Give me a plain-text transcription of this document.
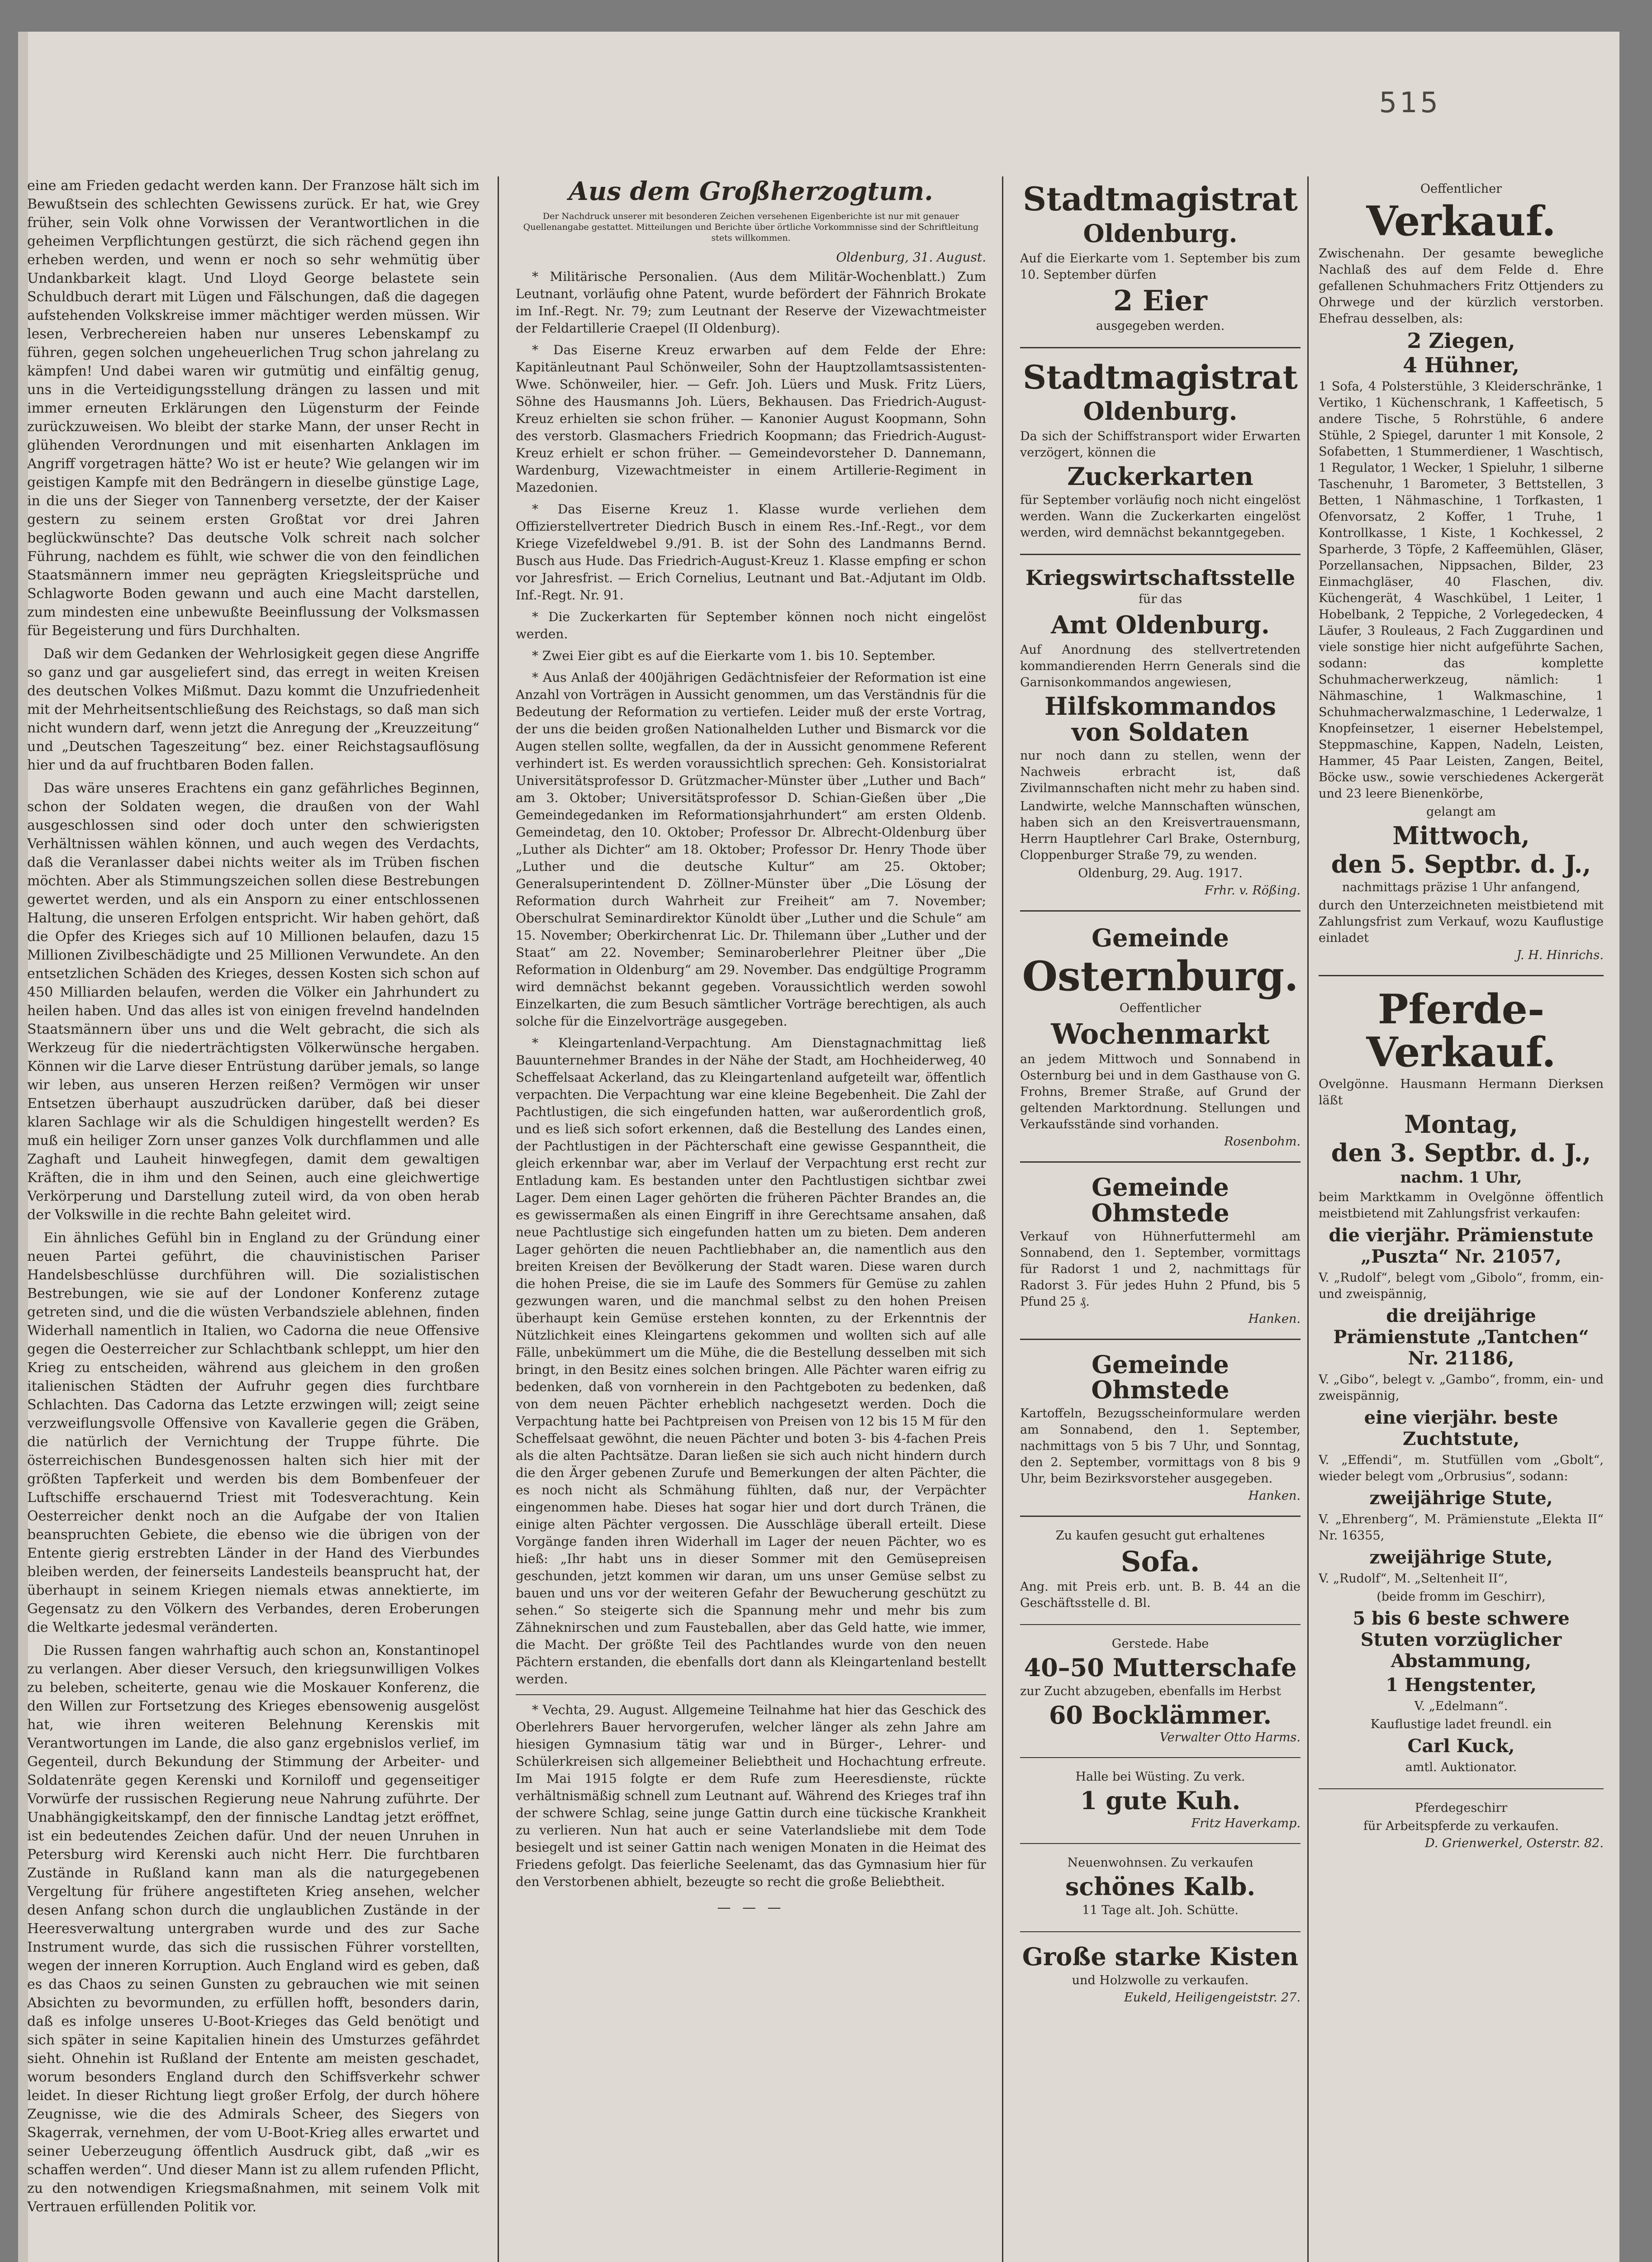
515

eine am Frieden gedacht werden kann. Der Franzose hält sich im Bewußtsein des schlechten Gewissens zurück. Er hat, wie Grey früher, sein Volk ohne Vorwissen der Verantwortlichen in die geheimen Verpflichtungen gestürzt, die sich rächend gegen ihn erheben werden, und wenn er noch so sehr wehmütig über Undankbarkeit klagt. Und Lloyd George belastete sein Schuldbuch derart mit Lügen und Fälschungen, daß die dagegen aufstehenden Volkskreise immer mächtiger werden müssen. Wir lesen, Verbrechereien haben nur unseres Lebenskampf zu führen, gegen solchen ungeheuerlichen Trug schon jahrelang zu kämpfen! Und dabei waren wir gutmütig und einfältig genug, uns in die Verteidigungsstellung drängen zu lassen und mit immer erneuten Erklärungen den Lügensturm der Feinde zurückzuweisen. Wo bleibt der starke Mann, der unser Recht in glühenden Verordnungen und mit eisenharten Anklagen im Angriff vorgetragen hätte? Wo ist er heute? Wie gelangen wir im geistigen Kampfe mit den Bedrängern in dieselbe günstige Lage, in die uns der Sieger von Tannenberg versetzte, der der Kaiser gestern zu seinem ersten Großtat vor drei Jahren beglückwünschte? Das deutsche Volk schreit nach solcher Führung, nachdem es fühlt, wie schwer die von den feindlichen Staatsmännern immer neu geprägten Kriegsleitsprüche und Schlagworte Boden gewann und auch eine Macht darstellen, zum mindesten eine unbewußte Beeinflussung der Volksmassen für Begeisterung und fürs Durchhalten.

Daß wir dem Gedanken der Wehrlosigkeit gegen diese Angriffe so ganz und gar ausgeliefert sind, das erregt in weiten Kreisen des deutschen Volkes Mißmut. Dazu kommt die Unzufriedenheit mit der Mehrheitsentschließung des Reichstags, so daß man sich nicht wundern darf, wenn jetzt die Anregung der „Kreuzzeitung“ und „Deutschen Tageszeitung“ bez. einer Reichstagsauflösung hier und da auf fruchtbaren Boden fallen.

Das wäre unseres Erachtens ein ganz gefährliches Beginnen, schon der Soldaten wegen, die draußen von der Wahl ausgeschlossen sind oder doch unter den schwierigsten Verhältnissen wählen können, und auch wegen des Verdachts, daß die Veranlasser dabei nichts weiter als im Trüben fischen möchten. Aber als Stimmungszeichen sollen diese Bestrebungen gewertet werden, und als ein Ansporn zu einer entschlossenen Haltung, die unseren Erfolgen entspricht. Wir haben gehört, daß die Opfer des Krieges sich auf 10 Millionen belaufen, dazu 15 Millionen Zivilbeschädigte und 25 Millionen Verwundete. An den entsetzlichen Schäden des Krieges, dessen Kosten sich schon auf 450 Milliarden belaufen, werden die Völker ein Jahrhundert zu heilen haben. Und das alles ist von einigen frevelnd handelnden Staatsmännern über uns und die Welt gebracht, die sich als Werkzeug für die niederträchtigsten Völkerwünsche hergaben. Können wir die Larve dieser Entrüstung darüber jemals, so lange wir leben, aus unseren Herzen reißen? Vermögen wir unser Entsetzen überhaupt auszudrücken darüber, daß bei dieser klaren Sachlage wir als die Schuldigen hingestellt werden? Es muß ein heiliger Zorn unser ganzes Volk durchflammen und alle Zaghaft und Lauheit hinwegfegen, damit dem gewaltigen Kräften, die in ihm und den Seinen, auch eine gleichwertige Verkörperung und Darstellung zuteil wird, da von oben herab der Volkswille in die rechte Bahn geleitet wird.

Ein ähnliches Gefühl bin in England zu der Gründung einer neuen Partei geführt, die chauvinistischen Pariser Handelsbeschlüsse durchführen will. Die sozialistischen Bestrebungen, wie sie auf der Londoner Konferenz zutage getreten sind, und die die wüsten Verbandsziele ablehnen, finden Widerhall namentlich in Italien, wo Cadorna die neue Offensive gegen die Oesterreicher zur Schlachtbank schleppt, um hier den Krieg zu entscheiden, während aus gleichem in den großen italienischen Städten der Aufruhr gegen dies furchtbare Schlachten. Das Cadorna das Letzte erzwingen will; zeigt seine verzweiflungsvolle Offensive von Kavallerie gegen die Gräben, die natürlich der Vernichtung der Truppe führte. Die österreichischen Bundesgenossen halten sich hier mit der größten Tapferkeit und werden bis dem Bombenfeuer der Luftschiffe erschauernd Triest mit Todesverachtung. Kein Oesterreicher denkt noch an die Aufgabe der von Italien beanspruchten Gebiete, die ebenso wie die übrigen von der Entente gierig erstrebten Länder in der Hand des Vierbundes bleiben werden, der feinerseits Landesteils beansprucht hat, der überhaupt in seinem Kriegen niemals etwas annektierte, im Gegensatz zu den Völkern des Verbandes, deren Eroberungen die Weltkarte jedesmal veränderten.

Die Russen fangen wahrhaftig auch schon an, Konstantinopel zu verlangen. Aber dieser Versuch, den kriegsunwilligen Volkes zu beleben, scheiterte, genau wie die Moskauer Konferenz, die den Willen zur Fortsetzung des Krieges ebensowenig ausgelöst hat, wie ihren weiteren Belehnung Kerenskis mit Verantwortungen im Lande, die also ganz ergebnislos verlief, im Gegenteil, durch Bekundung der Stimmung der Arbeiter- und Soldatenräte gegen Kerenski und Korniloff und gegenseitiger Vorwürfe der russischen Regierung neue Nahrung zuführte. Der Unabhängigkeitskampf, den der finnische Landtag jetzt eröffnet, ist ein bedeutendes Zeichen dafür. Und der neuen Unruhen in Petersburg wird Kerenski auch nicht Herr. Die furchtbaren Zustände in Rußland kann man als die naturgegebenen Vergeltung für frühere angestifteten Krieg ansehen, welcher desen Anfang schon durch die unglaublichen Zustände in der Heeresverwaltung untergraben wurde und des zur Sache Instrument wurde, das sich die russischen Führer vorstellten, wegen der inneren Korruption. Auch England wird es geben, daß es das Chaos zu seinen Gunsten zu gebrauchen wie mit seinen Absichten zu bevormunden, zu erfüllen hofft, besonders darin, daß es infolge unseres U-Boot-Krieges das Geld benötigt und sich später in seine Kapitalien hinein des Umsturzes gefährdet sieht. Ohnehin ist Rußland der Entente am meisten geschadet, worum besonders England durch den Schiffsverkehr schwer leidet. In dieser Richtung liegt großer Erfolg, der durch höhere Zeugnisse, wie die des Admirals Scheer, des Siegers von Skagerrak, vernehmen, der vom U-Boot-Krieg alles erwartet und seiner Ueberzeugung öffentlich Ausdruck gibt, daß „wir es schaffen werden“. Und dieser Mann ist zu allem rufenden Pflicht, zu den notwendigen Kriegsmaßnahmen, mit seinem Volk mit Vertrauen erfüllenden Politik vor.

Aus dem Großherzogtum.
Der Nachdruck unserer mit besonderen Zeichen versehenen Eigenberichte ist nur mit genauer Quellenangabe gestattet. Mitteilungen und Berichte über örtliche Vorkommnisse sind der Schriftleitung stets willkommen.
Oldenburg, 31. August.

* Militärische Personalien. (Aus dem Militär-Wochenblatt.) Zum Leutnant, vorläufig ohne Patent, wurde befördert der Fähnrich Brokate im Inf.-Regt. Nr. 79; zum Leutnant der Reserve der Vizewachtmeister der Feldartillerie Craepel (II Oldenburg).

* Das Eiserne Kreuz erwarben auf dem Felde der Ehre: Kapitänleutnant Paul Schönweiler, Sohn der Hauptzollamtsassistenten-Wwe. Schönweiler, hier. — Gefr. Joh. Lüers und Musk. Fritz Lüers, Söhne des Hausmanns Joh. Lüers, Bekhausen. Das Friedrich-August-Kreuz erhielten sie schon früher. — Kanonier August Koopmann, Sohn des verstorb. Glasmachers Friedrich Koopmann; das Friedrich-August-Kreuz erhielt er schon früher. — Gemeindevorsteher D. Dannemann, Wardenburg, Vizewachtmeister in einem Artillerie-Regiment in Mazedonien.

* Das Eiserne Kreuz 1. Klasse wurde verliehen dem Offizierstellvertreter Diedrich Busch in einem Res.-Inf.-Regt., vor dem Kriege Vizefeldwebel 9./91. B. ist der Sohn des Landmanns Bernd. Busch aus Hude. Das Friedrich-August-Kreuz 1. Klasse empfing er schon vor Jahresfrist. — Erich Cornelius, Leutnant und Bat.-Adjutant im Oldb. Inf.-Regt. Nr. 91.

* Die Zuckerkarten für September können noch nicht eingelöst werden.

* Zwei Eier gibt es auf die Eierkarte vom 1. bis 10. September.

* Aus Anlaß der 400jährigen Gedächtnisfeier der Reformation ist eine Anzahl von Vorträgen in Aussicht genommen, um das Verständnis für die Bedeutung der Reformation zu vertiefen. Leider muß der erste Vortrag, der uns die beiden großen Nationalhelden Luther und Bismarck vor die Augen stellen sollte, wegfallen, da der in Aussicht genommene Referent verhindert ist. Es werden voraussichtlich sprechen: Geh. Konsistorialrat Universitätsprofessor D. Grützmacher-Münster über „Luther und Bach“ am 3. Oktober; Universitätsprofessor D. Schian-Gießen über „Die Gemeindegedanken im Reformationsjahrhundert“ am ersten Oldenb. Gemeindetag, den 10. Oktober; Professor Dr. Albrecht-Oldenburg über „Luther als Dichter“ am 18. Oktober; Professor Dr. Henry Thode über „Luther und die deutsche Kultur“ am 25. Oktober; Generalsuperintendent D. Zöllner-Münster über „Die Lösung der Reformation durch Wahrheit zur Freiheit“ am 7. November; Oberschulrat Seminardirektor Künoldt über „Luther und die Schule“ am 15. November; Oberkirchenrat Lic. Dr. Thilemann über „Luther und der Staat“ am 22. November; Seminaroberlehrer Pleitner über „Die Reformation in Oldenburg“ am 29. November. Das endgültige Programm wird demnächst bekannt gegeben. Voraussichtlich werden sowohl Einzelkarten, die zum Besuch sämtlicher Vorträge berechtigen, als auch solche für die Einzelvorträge ausgegeben.

* Kleingartenland-Verpachtung. Am Dienstagnachmittag ließ Bauunternehmer Brandes in der Nähe der Stadt, am Hochheiderweg, 40 Scheffelsaat Ackerland, das zu Kleingartenland aufgeteilt war, öffentlich verpachten. Die Verpachtung war eine kleine Begebenheit. Die Zahl der Pachtlustigen, die sich eingefunden hatten, war außerordentlich groß, und es ließ sich sofort erkennen, daß die Bestellung des Landes einen, der Pachtlustigen in der Pächterschaft eine gewisse Gespanntheit, die gleich erkennbar war, aber im Verlauf der Verpachtung erst recht zur Entladung kam. Es bestanden unter den Pachtlustigen sichtbar zwei Lager. Dem einen Lager gehörten die früheren Pächter Brandes an, die es gewissermaßen als einen Eingriff in ihre Gerechtsame ansahen, daß neue Pachtlustige sich eingefunden hatten um zu bieten. Dem anderen Lager gehörten die neuen Pachtliebhaber an, die namentlich aus den breiten Kreisen der Bevölkerung der Stadt waren. Diese waren durch die hohen Preise, die sie im Laufe des Sommers für Gemüse zu zahlen gezwungen waren, und die manchmal selbst zu den hohen Preisen überhaupt kein Gemüse erstehen konnten, zu der Erkenntnis der Nützlichkeit eines Kleingartens gekommen und wollten sich auf alle Fälle, unbekümmert um die Mühe, die die Bestellung desselben mit sich bringt, in den Besitz eines solchen bringen. Alle Pächter waren eifrig zu bedenken, daß von vornherein in den Pachtgeboten zu bedenken, daß von dem neuen Pächter erheblich nachgesetzt werden. Doch die Verpachtung hatte bei Pachtpreisen von Preisen von 12 bis 15 M für den Scheffelsaat gewöhnt, die neuen Pächter und boten 3- bis 4-fachen Preis als die alten Pachtsätze. Daran ließen sie sich auch nicht hindern durch die den Ärger gebenen Zurufe und Bemerkungen der alten Pächter, die es noch nicht als Schmähung fühlten, daß nur, der Verpächter eingenommen habe. Dieses hat sogar hier und dort durch Tränen, die einige alten Pächter vergossen. Die Ausschläge überall erteilt. Diese Vorgänge fanden ihren Widerhall im Lager der neuen Pächter, wo es hieß: „Ihr habt uns in dieser Sommer mit den Gemüsepreisen geschunden, jetzt kommen wir daran, um uns unser Gemüse selbst zu bauen und uns vor der weiteren Gefahr der Bewucherung geschützt zu sehen.“ So steigerte sich die Spannung mehr und mehr bis zum Zähneknirschen und zum Fausteballen, aber das Geld hatte, wie immer, die Macht. Der größte Teil des Pachtlandes wurde von den neuen Pächtern erstanden, die ebenfalls dort dann als Kleingartenland bestellt werden.

* Vechta, 29. August. Allgemeine Teilnahme hat hier das Geschick des Oberlehrers Bauer hervorgerufen, welcher länger als zehn Jahre am hiesigen Gymnasium tätig war und in Bürger-, Lehrer- und Schülerkreisen sich allgemeiner Beliebtheit und Hochachtung erfreute. Im Mai 1915 folgte er dem Rufe zum Heeresdienste, rückte verhältnismäßig schnell zum Leutnant auf. Während des Krieges traf ihn der schwere Schlag, seine junge Gattin durch eine tückische Krankheit zu verlieren. Nun hat auch er seine Vaterlandsliebe mit dem Tode besiegelt und ist seiner Gattin nach wenigen Monaten in die Heimat des Friedens gefolgt. Das feierliche Seelenamt, das das Gymnasium hier für den Verstorbenen abhielt, bezeugte so recht die große Beliebtheit.

— — —
Stadtmagistrat
Oldenburg.
Auf die Eierkarte vom 1. September bis zum 10. September dürfen
2 Eier
ausgegeben werden.
Stadtmagistrat
Oldenburg.
Da sich der Schiffstransport wider Erwarten verzögert, können die
Zuckerkarten
für September vorläufig noch nicht eingelöst werden. Wann die Zuckerkarten eingelöst werden, wird demnächst bekanntgegeben.
Kriegswirtschaftsstelle
für das
Amt Oldenburg.
Auf Anordnung des stellvertretenden kommandierenden Herrn Generals sind die Garnisonkommandos angewiesen,
Hilfskommandos von Soldaten
nur noch dann zu stellen, wenn der Nachweis erbracht ist, daß Zivilmannschaften nicht mehr zu haben sind.
Landwirte, welche Mannschaften wünschen, haben sich an den Kreisvertrauensmann, Herrn Hauptlehrer Carl Brake, Osternburg, Cloppenburger Straße 79, zu wenden.
Oldenburg, 29. Aug. 1917.
Frhr. v. Rößing.
Gemeinde
Osternburg.
Oeffentlicher
Wochenmarkt
an jedem Mittwoch und Sonnabend in Osternburg bei und in dem Gasthause von G. Frohns, Bremer Straße, auf Grund der geltenden Marktordnung. Stellungen und Verkaufsstände sind vorhanden.
Rosenbohm.
Gemeinde Ohmstede
Verkauf von Hühnerfuttermehl am Sonnabend, den 1. September, vormittags für Radorst 1 und 2, nachmittags für Radorst 3. Für jedes Huhn 2 Pfund, bis 5 Pfund 25 ₰.
Hanken.
Gemeinde Ohmstede
Kartoffeln, Bezugsscheinformulare werden am Sonnabend, den 1. September, nachmittags von 5 bis 7 Uhr, und Sonntag, den 2. September, vormittags von 8 bis 9 Uhr, beim Bezirksvorsteher ausgegeben.
Hanken.
Zu kaufen gesucht gut erhaltenes
Sofa.
Ang. mit Preis erb. unt. B. B. 44 an die Geschäftsstelle d. Bl.
Gerstede. Habe
40–50 Mutterschafe
zur Zucht abzugeben, ebenfalls im Herbst
60 Bocklämmer.
Verwalter Otto Harms.
Halle bei Wüsting. Zu verk.
1 gute Kuh.
Fritz Haverkamp.
Neuenwohnsen. Zu verkaufen
schönes Kalb.
11 Tage alt. Joh. Schütte.
Große starke Kisten
und Holzwolle zu verkaufen.
Eukeld, Heiligengeiststr. 27.
Oeffentlicher
Verkauf.
Zwischenahn. Der gesamte bewegliche Nachlaß des auf dem Felde d. Ehre gefallenen Schuhmachers Fritz Ottjenders zu Ohrwege und der kürzlich verstorben. Ehefrau desselben, als:
2 Ziegen,
4 Hühner,
1 Sofa, 4 Polsterstühle, 3 Kleiderschränke, 1 Vertiko, 1 Küchenschrank, 1 Kaffeetisch, 5 andere Tische, 5 Rohrstühle, 6 andere Stühle, 2 Spiegel, darunter 1 mit Konsole, 2 Sofabetten, 1 Stummerdiener, 1 Waschtisch, 1 Regulator, 1 Wecker, 1 Spieluhr, 1 silberne Taschenuhr, 1 Barometer, 3 Bettstellen, 3 Betten, 1 Nähmaschine, 1 Torfkasten, 1 Ofenvorsatz, 2 Koffer, 1 Truhe, 1 Kontrollkasse, 1 Kiste, 1 Kochkessel, 2 Sparherde, 3 Töpfe, 2 Kaffeemühlen, Gläser, Porzellansachen, Nippsachen, Bilder, 23 Einmachgläser, 40 Flaschen, div. Küchengerät, 4 Waschkübel, 1 Leiter, 1 Hobelbank, 2 Teppiche, 2 Vorlegedecken, 4 Läufer, 3 Rouleaus, 2 Fach Zuggardinen und viele sonstige hier nicht aufgeführte Sachen, sodann: das komplette Schuhmacherwerkzeug, nämlich: 1 Nähmaschine, 1 Walkmaschine, 1 Schuhmacherwalzmaschine, 1 Lederwalze, 1 Knopfeinsetzer, 1 eiserner Hebelstempel, Steppmaschine, Kappen, Nadeln, Leisten, Hammer, 45 Paar Leisten, Zangen, Beitel, Böcke usw., sowie verschiedenes Ackergerät und 23 leere Bienenkörbe,
gelangt am
Mittwoch,
den 5. Septbr. d. J.,
nachmittags präzise 1 Uhr anfangend,
durch den Unterzeichneten meistbietend mit Zahlungsfrist zum Verkauf, wozu Kauflustige einladet
J. H. Hinrichs.
Pferde-Verkauf.
Ovelgönne. Hausmann Hermann Dierksen läßt
Montag,
den 3. Septbr. d. J.,
nachm. 1 Uhr,
beim Marktkamm in Ovelgönne öffentlich meistbietend mit Zahlungsfrist verkaufen:
die vierjähr. Prämienstute „Puszta“ Nr. 21057,
V. „Rudolf“, belegt vom „Gibolo“, fromm, ein- und zweispännig,
die dreijährige Prämienstute „Tantchen“ Nr. 21186,
V. „Gibo“, belegt v. „Gambo“, fromm, ein- und zweispännig,
eine vierjähr. beste Zuchtstute,
V. „Effendi“, m. Stutfüllen vom „Gbolt“, wieder belegt vom „Orbrusius“, sodann:
zweijährige Stute,
V. „Ehrenberg“, M. Prämienstute „Elekta II“ Nr. 16355,
zweijährige Stute,
V. „Rudolf“, M. „Seltenheit II“,
(beide fromm im Geschirr),
5 bis 6 beste schwere Stuten vorzüglicher Abstammung,
1 Hengstenter,
V. „Edelmann“.
Kauflustige ladet freundl. ein
Carl Kuck,
amtl. Auktionator.
Pferdegeschirr
für Arbeitspferde zu verkaufen.
D. Grienwerkel, Osterstr. 82.
